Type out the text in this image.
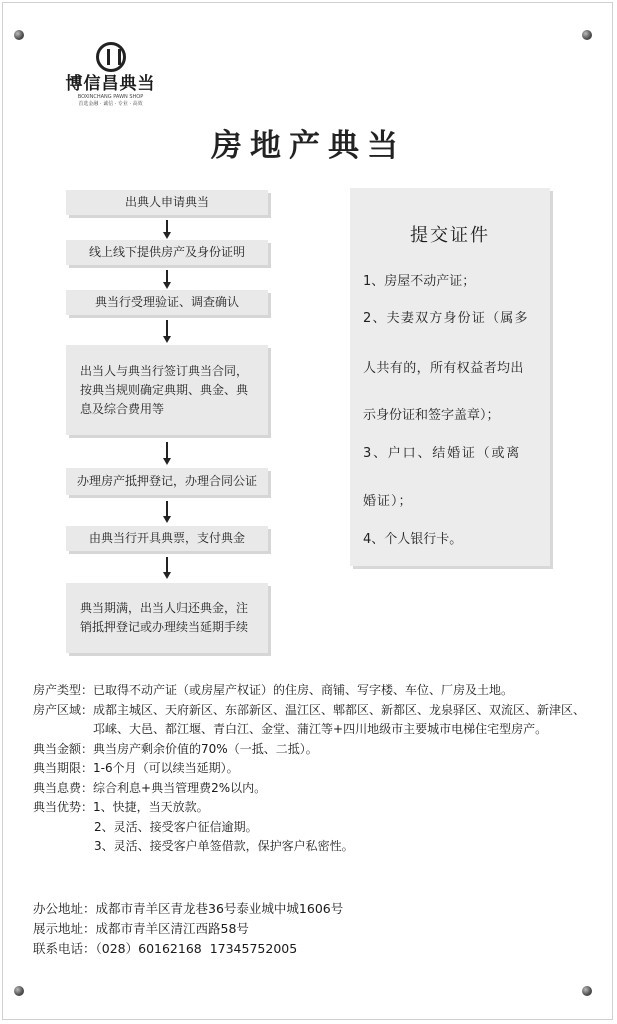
博信昌典当
BOXINCHANG PAWN SHOP
首选金融 · 诚信 · 专业 · 高效
房地产典当
出典人申请典当
线上线下提供房产及身份证明
典当行受理验证、调查确认
出当人与典当行签订典当合同，按典当规则确定典期、典金、典息及综合费用等
办理房产抵押登记，办理合同公证
由典当行开具典票，支付典金
典当期满，出当人归还典金，注销抵押登记或办理续当延期手续
提交证件
1、房屋不动产证；
2、夫妻双方身份证（属多
人共有的，所有权益者均出
示身份证和签字盖章）；
3、户口、结婚证（或离
婚证）；
4、个人银行卡。
房产类型： 已取得不动产证（或房屋产权证）的住房、商铺、写字楼、车位、厂房及土地。
房产区域： 成都主城区、天府新区、东部新区、温江区、郫都区、新都区、龙泉驿区、双流区、新津区、邛崃、大邑、都江堰、青白江、金堂、蒲江等+四川地级市主要城市电梯住宅型房产。
典当金额： 典当房产剩余价值的70%（一抵、二抵）。
典当期限： 1-6个月（可以续当延期）。
典当息费： 综合利息+典当管理费2%以内。
典当优势： 1、快捷，当天放款。
2、灵活、接受客户征信逾期。
3、灵活、接受客户单签借款，保护客户私密性。
办公地址：成都市青羊区青龙巷36号泰业城中城1606号
展示地址：成都市青羊区清江西路58号
联系电话：（028）60162168  17345752005
